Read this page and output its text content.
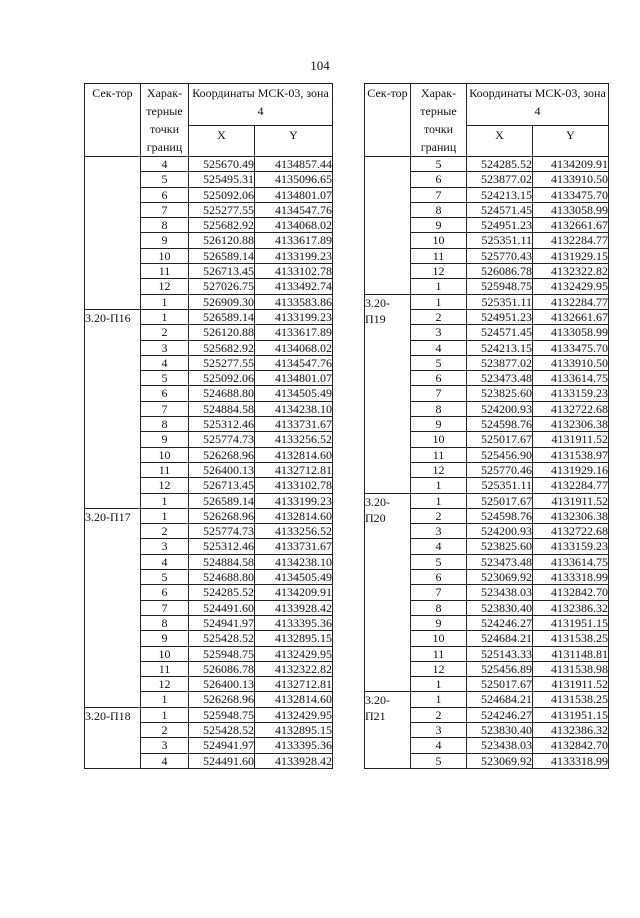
104
Сек-тор	Харак-терные точки границ	Координаты МСК-03, зона 4	
		X	Y
	4	525670.49	4134857.44
	5	525495.31	4135096.65
	6	525092.06	4134801.07
	7	525277.55	4134547.76
	8	525682.92	4134068.02
	9	526120.88	4133617.89
	10	526589.14	4133199.23
	11	526713.45	4133102.78
	12	527026.75	4133492.74
	1	526909.30	4133583.86
3.20-П16	1	526589.14	4133199.23
	2	526120.88	4133617.89
	3	525682.92	4134068.02
	4	525277.55	4134547.76
	5	525092.06	4134801.07
	6	524688.80	4134505.49
	7	524884.58	4134238.10
	8	525312.46	4133731.67
	9	525774.73	4133256.52
	10	526268.96	4132814.60
	11	526400.13	4132712.81
	12	526713.45	4133102.78
	1	526589.14	4133199.23
3.20-П17	1	526268.96	4132814.60
	2	525774.73	4133256.52
	3	525312.46	4133731.67
	4	524884.58	4134238.10
	5	524688.80	4134505.49
	6	524285.52	4134209.91
	7	524491.60	4133928.42
	8	524941.97	4133395.36
	9	525428.52	4132895.15
	10	525948.75	4132429.95
	11	526086.78	4132322.82
	12	526400.13	4132712.81
	1	526268.96	4132814.60
3.20-П18	1	525948.75	4132429.95
	2	525428.52	4132895.15
	3	524941.97	4133395.36
	4	524491.60	4133928.42
Сек-тор	Харак-терные точки границ	Координаты МСК-03, зона 4	
		X	Y
	5	524285.52	4134209.91
	6	523877.02	4133910.50
	7	524213.15	4133475.70
	8	524571.45	4133058.99
	9	524951.23	4132661.67
	10	525351.11	4132284.77
	11	525770.43	4131929.15
	12	526086.78	4132322.82
	1	525948.75	4132429.95
3.20-П19	1	525351.11	4132284.77
	2	524951.23	4132661.67
	3	524571.45	4133058.99
	4	524213.15	4133475.70
	5	523877.02	4133910.50
	6	523473.48	4133614.75
	7	523825.60	4133159.23
	8	524200.93	4132722.68
	9	524598.76	4132306.38
	10	525017.67	4131911.52
	11	525456.90	4131538.97
	12	525770.46	4131929.16
	1	525351.11	4132284.77
3.20-П20	1	525017.67	4131911.52
	2	524598.76	4132306.38
	3	524200.93	4132722.68
	4	523825.60	4133159.23
	5	523473.48	4133614.75
	6	523069.92	4133318.99
	7	523438.03	4132842.70
	8	523830.40	4132386.32
	9	524246.27	4131951.15
	10	524684.21	4131538.25
	11	525143.33	4131148.81
	12	525456.89	4131538.98
	1	525017.67	4131911.52
3.20-П21	1	524684.21	4131538.25
	2	524246.27	4131951.15
	3	523830.40	4132386.32
	4	523438.03	4132842.70
	5	523069.92	4133318.99
